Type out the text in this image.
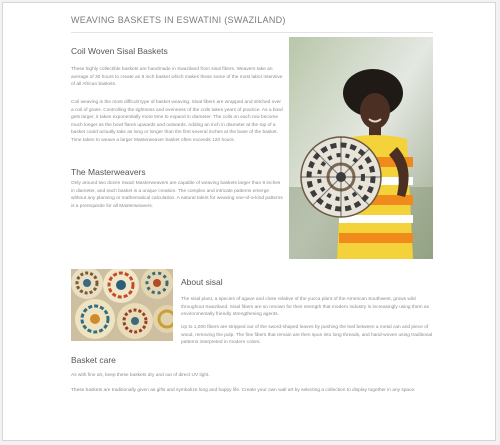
WEAVING BASKETS IN ESWATINI (SWAZILAND)
Coil Woven Sisal Baskets

These highly collectible baskets are handmade in Swaziland from sisal fibers. Weavers take an average of 30 hours to create an 8 inch basket which makes these some of the most labor intensive of all African baskets.

Coil weaving is the most difficult type of basket weaving. Sisal fibers are wrapped and stitched over a coil of grass. Controlling the tightness and evenness of the coils takes years of practice. As a bowl gets larger, it takes exponentially more time to expand in diameter. The coils on each row become much longer as the bowl flares upwards and outwards. Adding an inch in diameter at the top of a basket could actually take as long or longer than the first several inches at the base of the basket. Time taken to weave a larger Masterweaver basket often exceeds 120 hours.

The Masterweavers

Only around two dozen Swazi Masterweavers are capable of weaving baskets larger than 8 inches in diameter, and each basket is a unique creation. The complex and intricate patterns emerge without any planning or mathematical calculation. A natural talent for weaving one-of-a-kind patterns is a prerequisite for all Masterweavers.

About sisal

The sisal plant, a species of agave and close relative of the yucca plant of the American Southwest, grows wild throughout Swaziland. Sisal fibers are so renown for their strength that modern industry is increasingly using them as environmentally friendly strengthening agents.

Up to 1,000 fibers are stripped out of the sword-shaped leaves by pushing the leaf between a metal can and piece of wood, removing the pulp. The fine fibers that remain are then spun into long threads, and hand-woven using traditional patterns interpreted in modern colors.

Basket care

As with fine art, keep these baskets dry and out of direct UV light.

These baskets are traditionally given as gifts and symbolize long and happy life. Create your own wall art by selecting a collection to display together in any space.
